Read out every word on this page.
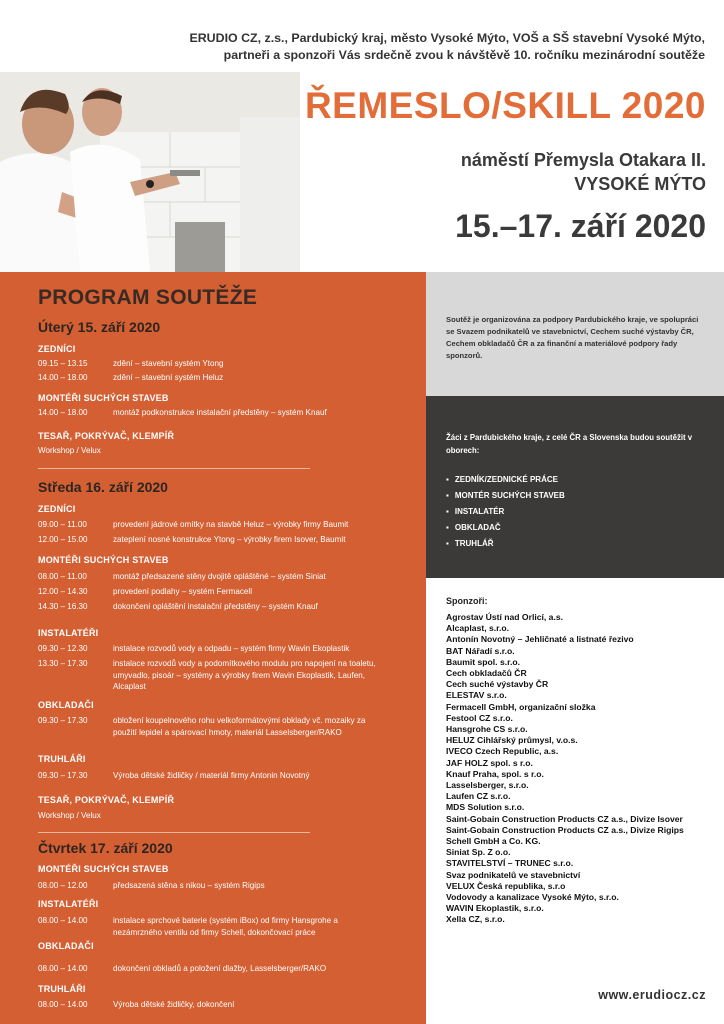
ERUDIO CZ, z.s., Pardubický kraj, město Vysoké Mýto, VOŠ a SŠ stavební Vysoké Mýto,
partneři a sponzoři Vás srdečně zvou k návštěvě 10. ročníku mezinárodní soutěže
ŘEMESLO/SKILL 2020
náměstí Přemysla Otakara II.
VYSOKÉ MÝTO
15.–17. září 2020
PROGRAM SOUTĚŽE
Úterý 15. září 2020
ZEDNÍCI
09.15 – 13.15	zdění – stavební systém Ytong
14.00 – 18.00	zdění – stavební systém Heluz
MONTÉŘI SUCHÝCH STAVEB
14.00 – 18.00	montáž podkonstrukce instalační předstěny – systém Knauf
TESAŘ, POKRÝVAČ, KLEMPÍŘ
Workshop / Velux
Středa 16. září 2020
ZEDNÍCI
09.00 – 11.00	provedení jádrové omítky na stavbě Heluz – výrobky firmy Baumit
12.00 – 15.00	zateplení nosné konstrukce Ytong – výrobky firem Isover, Baumit
MONTÉŘI SUCHÝCH STAVEB
08.00 – 11.00	montáž předsazené stěny dvojitě opláštěné – systém Siniat
12.00 – 14.30	provedení podlahy – systém Fermacell
14.30 – 16.30	dokončení opláštění instalační předstěny – systém Knauf
INSTALATÉŘI
09.30 – 12.30	instalace rozvodů vody a odpadu – systém firmy Wavin Ekoplastik
13.30 – 17.30	instalace rozvodů vody a podomítkového modulu pro napojení na toaletu, umyvadlo, pisoár – systémy a výrobky firem Wavin Ekoplastik, Laufen, Alcaplast
OBKLADAČI
09.30 – 17.30	obložení koupelnového rohu velkoformátovými obklady vč. mozaiky za použití lepidel a spárovací hmoty, materiál Lasselsberger/RAKO
TRUHLÁŘI
09.30 – 17.30	Výroba dětské židličky / materiál firmy Antonin Novotný
TESAŘ, POKRÝVAČ, KLEMPÍŘ
Workshop / Velux
Čtvrtek 17. září 2020
MONTÉŘI SUCHÝCH STAVEB
08.00 – 12.00	předsazená stěna s nikou – systém Rigips
INSTALATÉŘI
08.00 – 14.00	instalace sprchové baterie (systém iBox) od firmy Hansgrohe a nezámrzného ventilu od firmy Schell, dokončovací práce
OBKLADAČI
08.00 – 14.00	dokončení obkladů a položení dlažby, Lasselsberger/RAKO
TRUHLÁŘI
08.00 – 14.00	Výroba dětské židličky, dokončení
Soutěž je organizována za podpory Pardubického kraje, ve spolupráci se Svazem podnikatelů ve stavebnictví, Cechem suché výstavby ČR, Cechem obkladačů ČR a za finanční a materiálové podpory řady sponzorů.
Žáci z Pardubického kraje, z celé ČR a Slovenska budou soutěžit v oborech:
▪ ZEDNÍK/ZEDNICKÉ PRÁCE
▪ MONTÉR SUCHÝCH STAVEB
▪ INSTALATÉR
▪ OBKLADAČ
▪ TRUHLÁŘ
Sponzoři:
Agrostav Ústí nad Orlicí, a.s.
Alcaplast, s.r.o.
Antonín Novotný – Jehličnaté a listnaté řezivo
BAT Nářadí s.r.o.
Baumit spol. s.r.o.
Cech obkladačů ČR
Cech suché výstavby ČR
ELESTAV s.r.o.
Fermacell GmbH, organizační složka
Festool CZ s.r.o.
Hansgrohe CS s.r.o.
HELUZ Cihlářský průmysl, v.o.s.
IVECO Czech Republic, a.s.
JAF HOLZ spol. s r.o.
Knauf Praha, spol. s r.o.
Lasselsberger, s.r.o.
Laufen CZ s.r.o.
MDS Solution s.r.o.
Saint-Gobain Construction Products CZ a.s., Divize Isover
Saint-Gobain Construction Products CZ a.s., Divize Rigips
Schell GmbH a Co. KG.
Siniat Sp. Z o.o.
STAVITELSTVÍ – TRUNEC s.r.o.
Svaz podnikatelů ve stavebnictví
VELUX Česká republika, s.r.o
Vodovody a kanalizace Vysoké Mýto, s.r.o.
WAVIN Ekoplastik, s.r.o.
Xella CZ, s.r.o.
www.erudiocz.cz
